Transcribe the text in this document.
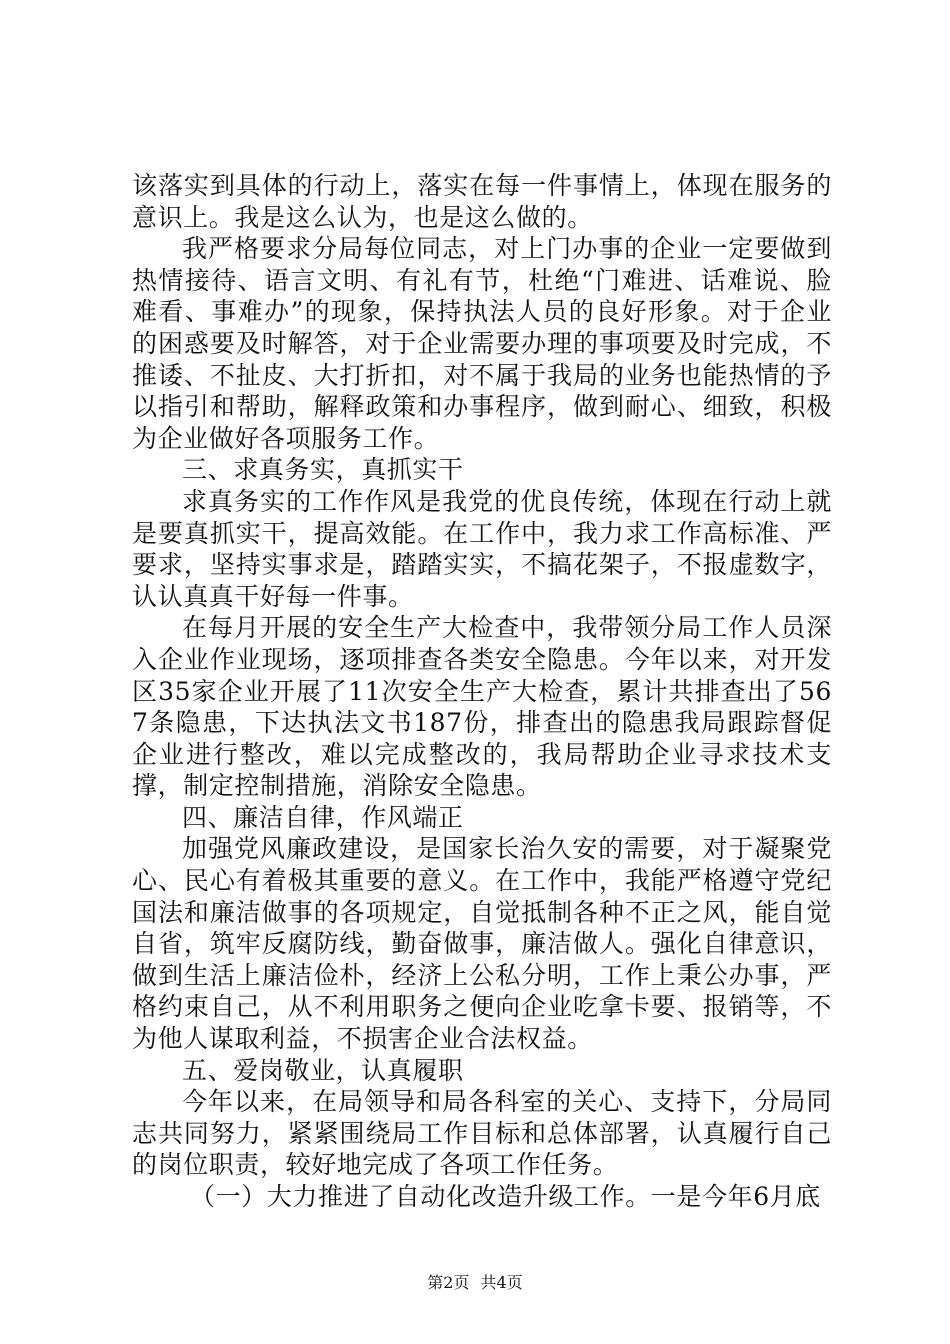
该落实到具体的行动上，落实在每一件事情上，体现在服务的意识上。我是这么认为，也是这么做的。

我严格要求分局每位同志，对上门办事的企业一定要做到热情接待、语言文明、有礼有节，杜绝“门难进、话难说、脸难看、事难办”的现象，保持执法人员的良好形象。对于企业的困惑要及时解答，对于企业需要办理的事项要及时完成，不推诿、不扯皮、大打折扣，对不属于我局的业务也能热情的予以指引和帮助，解释政策和办事程序，做到耐心、细致，积极为企业做好各项服务工作。

三、求真务实，真抓实干

求真务实的工作作风是我党的优良传统，体现在行动上就是要真抓实干，提高效能。在工作中，我力求工作高标准、严要求，坚持实事求是，踏踏实实，不搞花架子，不报虚数字，认认真真干好每一件事。

在每月开展的安全生产大检查中，我带领分局工作人员深入企业作业现场，逐项排查各类安全隐患。今年以来，对开发区35家企业开展了11次安全生产大检查，累计共排查出了567条隐患，下达执法文书187份，排查出的隐患我局跟踪督促企业进行整改，难以完成整改的，我局帮助企业寻求技术支撑，制定控制措施，消除安全隐患。

四、廉洁自律，作风端正

加强党风廉政建设，是国家长治久安的需要，对于凝聚党心、民心有着极其重要的意义。在工作中，我能严格遵守党纪国法和廉洁做事的各项规定，自觉抵制各种不正之风，能自觉自省，筑牢反腐防线，勤奋做事，廉洁做人。强化自律意识，做到生活上廉洁俭朴，经济上公私分明，工作上秉公办事，严格约束自己，从不利用职务之便向企业吃拿卡要、报销等，不为他人谋取利益，不损害企业合法权益。

五、爱岗敬业，认真履职

今年以来，在局领导和局各科室的关心、支持下，分局同志共同努力，紧紧围绕局工作目标和总体部署，认真履行自己的岗位职责，较好地完成了各项工作任务。

（一）大力推进了自动化改造升级工作。一是今年6月底

第2页 共4页
